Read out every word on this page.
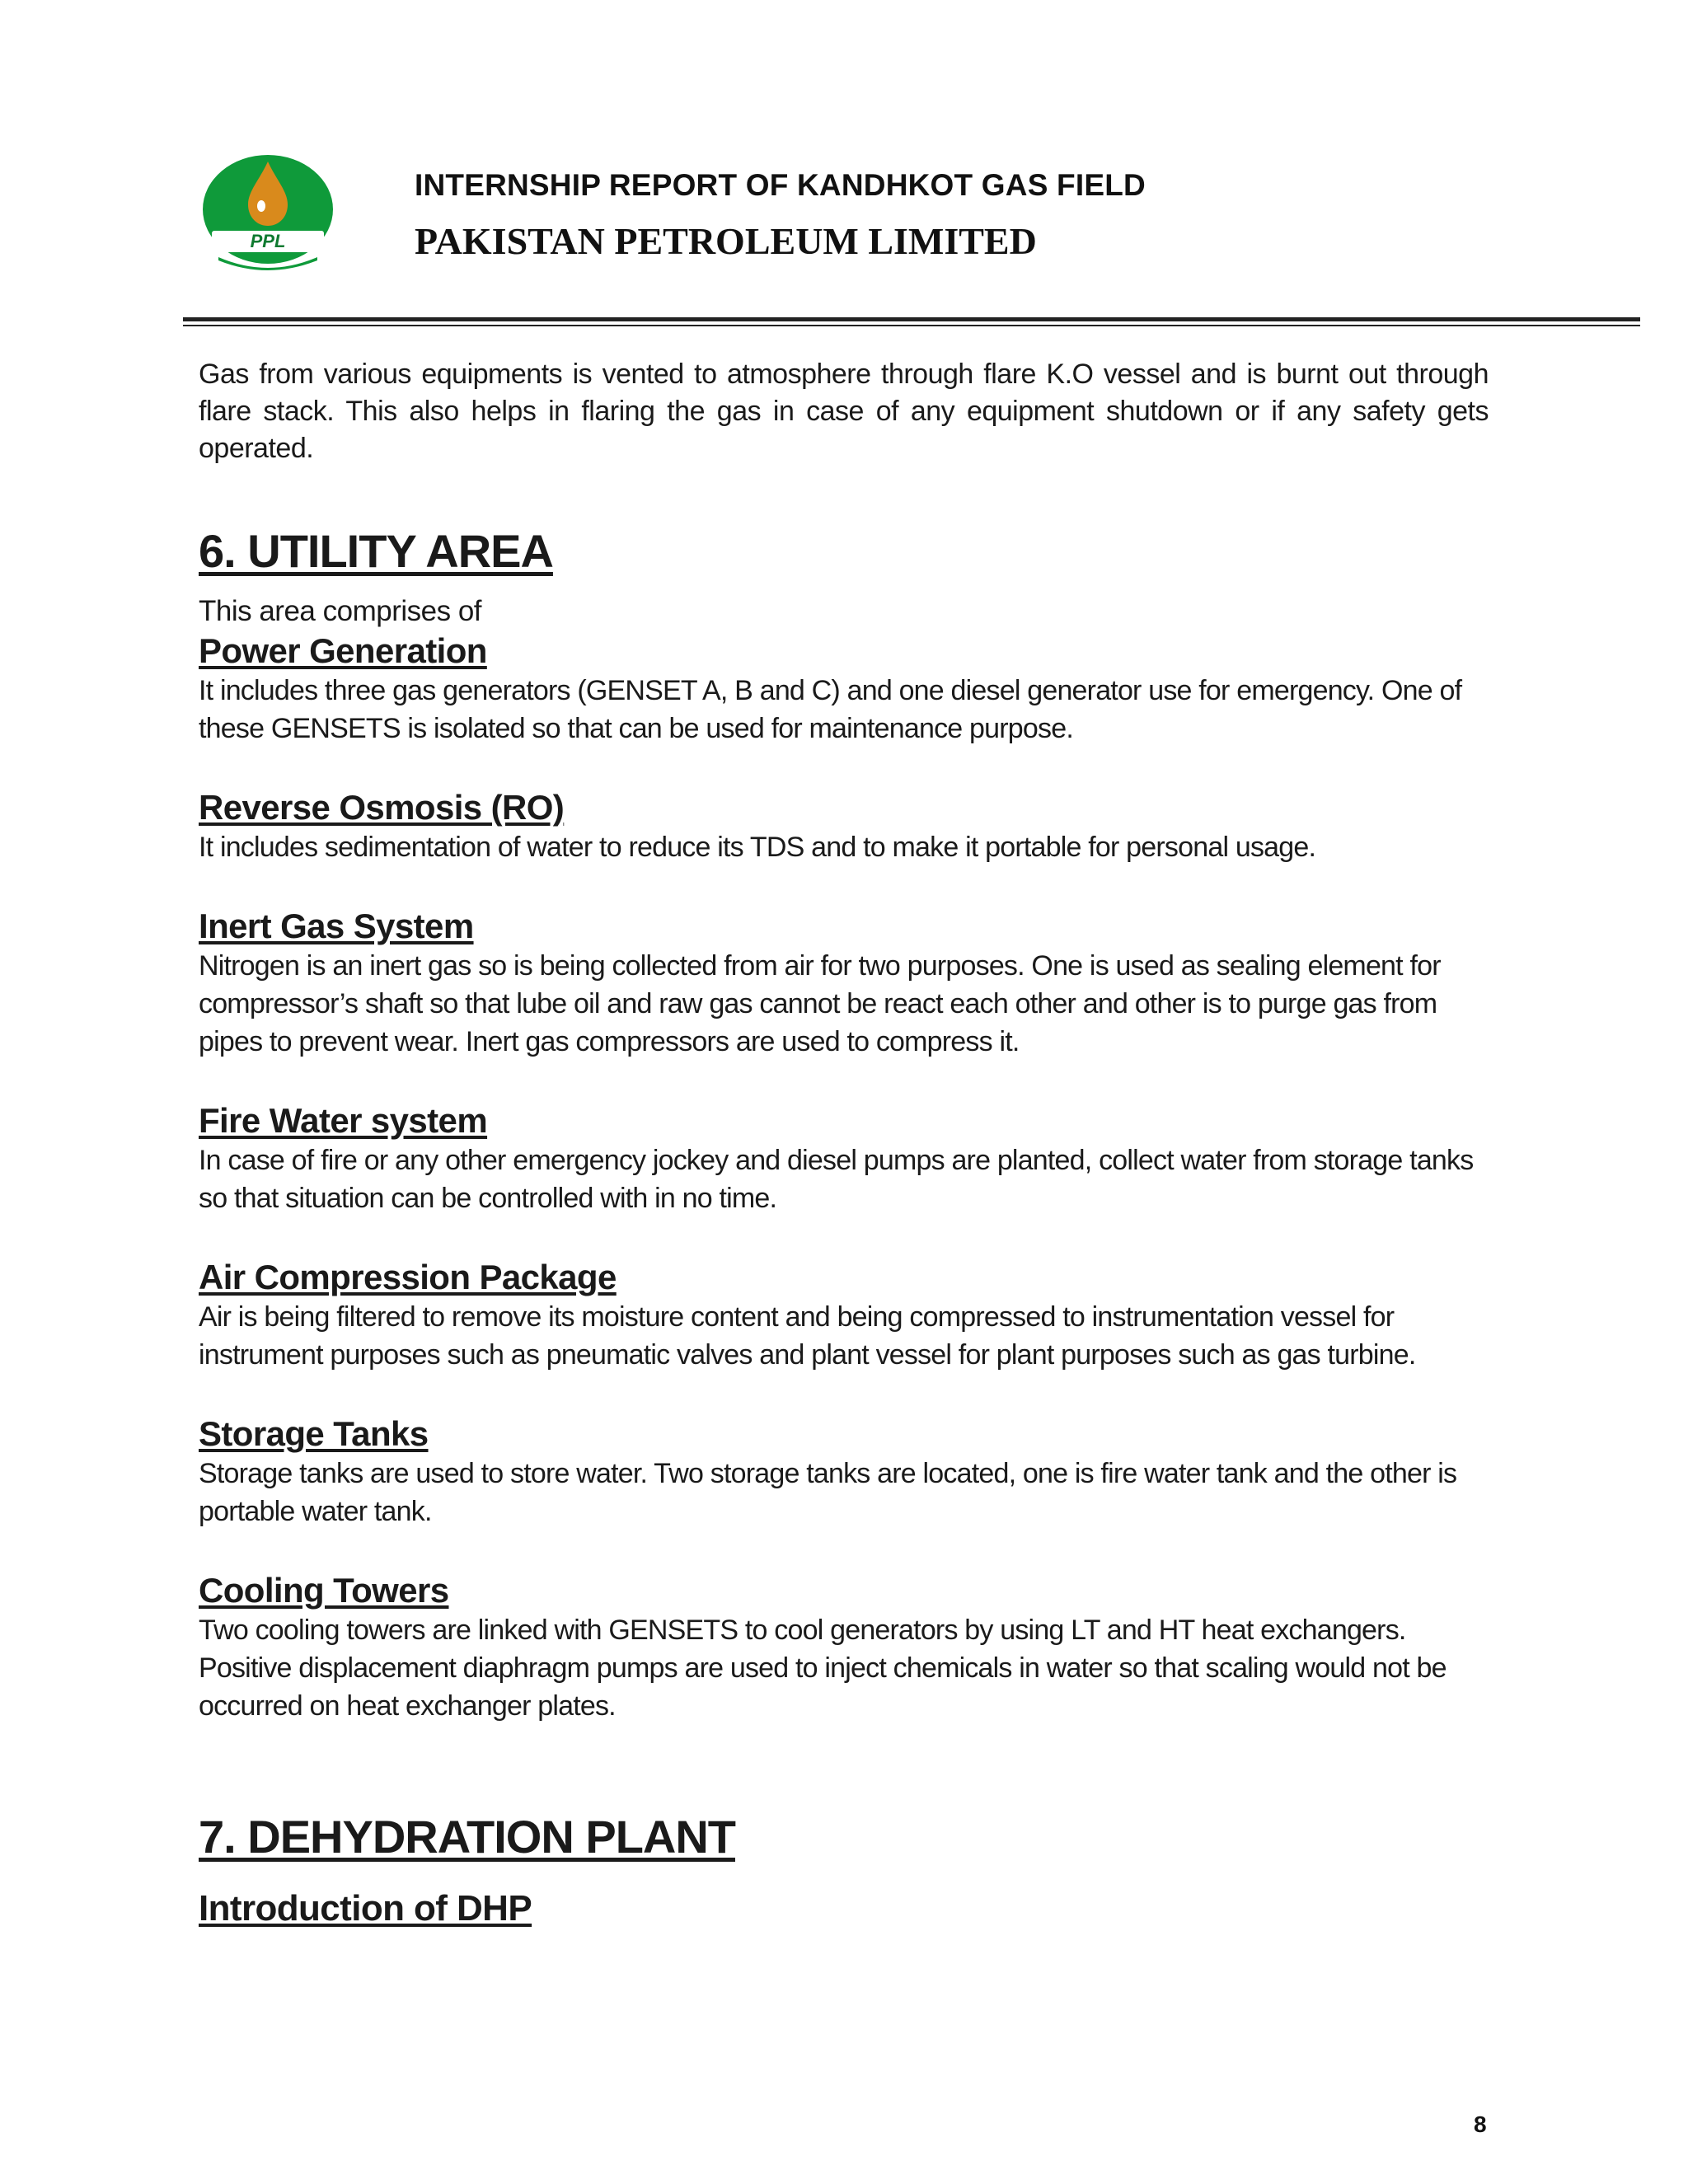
PPL
INTERNSHIP REPORT OF KANDHKOT GAS FIELD
PAKISTAN PETROLEUM LIMITED

Gas from various equipments is vented to atmosphere through flare K.O vessel and is burnt out through flare stack. This also helps in flaring the gas in case of any equipment shutdown or if any safety gets operated.

6. UTILITY AREA

This area comprises of

Power Generation

It includes three gas generators (GENSET A, B and C) and one diesel generator use for emergency. One of these GENSETS is isolated so that can be used for maintenance purpose.

Reverse Osmosis (RO)

It includes sedimentation of water to reduce its TDS and to make it portable for personal usage.

Inert Gas System

Nitrogen is an inert gas so is being collected from air for two purposes. One is used as sealing element for compressor’s shaft so that lube oil and raw gas cannot be react each other and other is to purge gas from pipes to prevent wear. Inert gas compressors are used to compress it.

Fire Water system

In case of fire or any other emergency jockey and diesel pumps are planted, collect water from storage tanks so that situation can be controlled with in no time.

Air Compression Package

Air is being filtered to remove its moisture content and being compressed to instrumentation vessel for instrument purposes such as pneumatic valves and plant vessel for plant purposes such as gas turbine.

Storage Tanks

Storage tanks are used to store water. Two storage tanks are located, one is fire water tank and the other is portable water tank.

Cooling Towers

Two cooling towers are linked with GENSETS to cool generators by using LT and HT heat exchangers. Positive displacement diaphragm pumps are used to inject chemicals in water so that scaling would not be occurred on heat exchanger plates.

7. DEHYDRATION PLANT
Introduction of DHP
8
